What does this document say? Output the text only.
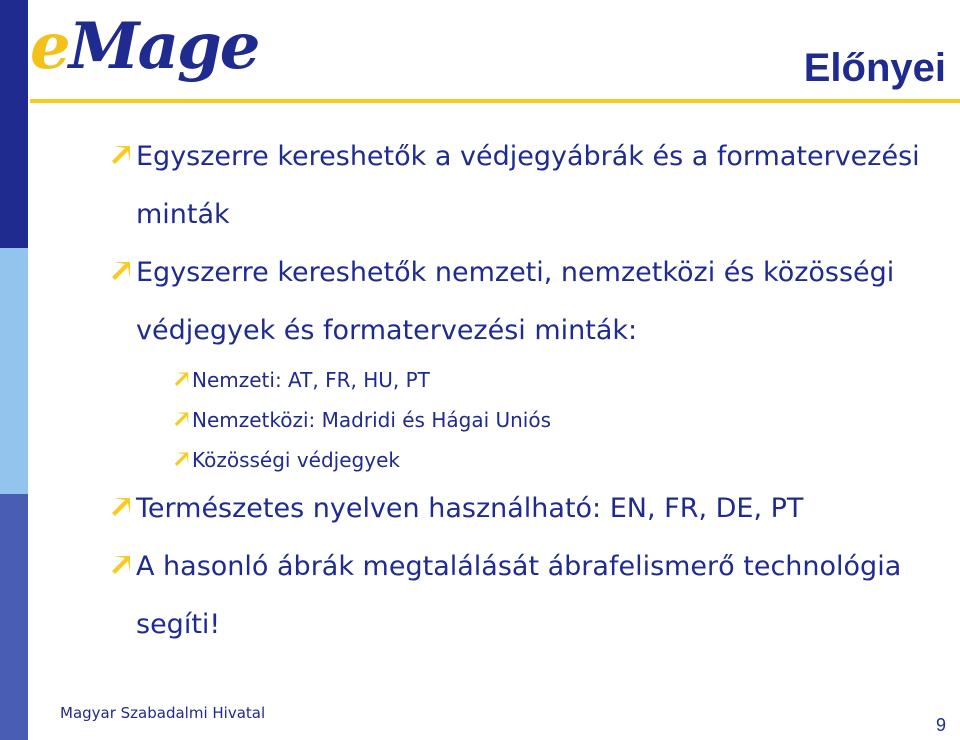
eMage	Előnyei
Egyszerre kereshetők a védjegyábrák és a formatervezési minták
Egyszerre kereshetők nemzeti, nemzetközi és közösségi védjegyek és formatervezési minták:
Nemzeti: AT, FR, HU, PT
Nemzetközi: Madridi és Hágai Uniós
Közösségi védjegyek
Természetes nyelven használható: EN, FR, DE, PT
A hasonló ábrák megtalálását ábrafelismerő technológia segíti!
Magyar Szabadalmi Hivatal
9
